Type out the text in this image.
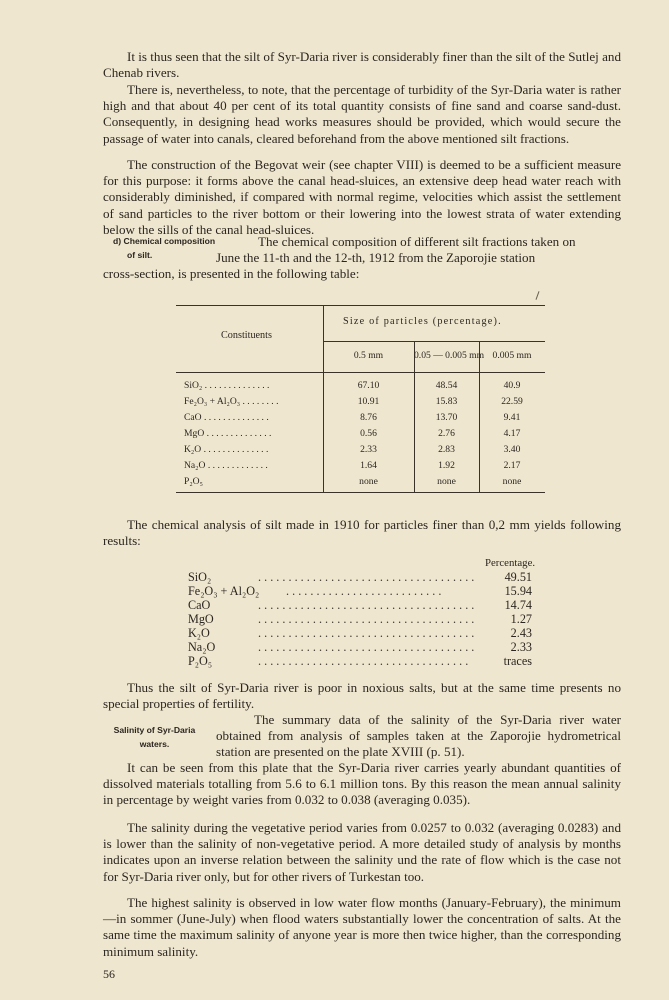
It is thus seen that the silt of Syr-Daria river is considerably finer than the silt of the Sutlej and Chenab rivers.

There is, nevertheless, to note, that the percentage of turbidity of the Syr-Daria water is rather high and that about 40 per cent of its total quantity consists of fine sand and coarse sand-dust. Consequently, in designing head works measures should be provided, which would secure the passage of water into canals, cleared beforehand from the above mentioned silt fractions.

The construction of the Begovat weir (see chapter VIII) is deemed to be a sufficient measure for this purpose: it forms above the canal head-sluices, an extensive deep head water reach with considerably diminished, if compared with normal regime, velocities which assist the settlement of sand particles to the river bottom or their lowering into the lowest strata of water extending below the sills of the canal head-sluices.

d) Chemical composition
of silt.
The chemical composition of different silt fractions taken on
June the 11-th and the 12-th, 1912 from the Zaporojie station
cross-section, is presented in the following table:
Constituents
Size of particles (percentage).
0.5 mm	0.05 — 0.005 mm 0.005 mm
SiO₂ . . . . . . . . . . . . . .	67.10	48.54	40.9
Fe₂O₃ + Al₂O₃ . . . . . . . .	10.91	15.83	22.59
CaO . . . . . . . . . . . . . .	8.76	13.70	9.41
MgO . . . . . . . . . . . . . .	0.56	2.76	4.17
K₂O . . . . . . . . . . . . . .	2.33	2.83	3.40
Na₂O . . . . . . . . . . . . .	1.64	1.92	2.17
P₂O₅	none	none	none

The chemical analysis of silt made in 1910 for particles finer than 0,2 mm yields following results:

Percentage.
SiO₂	. . . . . . . . . . . . . . . . . . . . . . . . . . . . . . . . . . . .	49.51
Fe₂O₃ + Al₂O₂ . . . . . . . . . . . . . . . . . . . . . . . . . .	15.94
CaO	. . . . . . . . . . . . . . . . . . . . . . . . . . . . . . . . . . . .	14.74
MgO	. . . . . . . . . . . . . . . . . . . . . . . . . . . . . . . . . . . .	1.27
K₂O	. . . . . . . . . . . . . . . . . . . . . . . . . . . . . . . . . . . .	2.43
Na₂O	. . . . . . . . . . . . . . . . . . . . . . . . . . . . . . . . . . . .	2.33
P₂O₅	. . . . . . . . . . . . . . . . . . . . . . . . . . . . . . . . . . .	traces

Thus the silt of Syr-Daria river is poor in noxious salts, but at the same time presents no special properties of fertility.

Salinity of Syr-Daria
waters.

The summary data of the salinity of the Syr-Daria river water obtained from analysis of samples taken at the Zaporojie hydrometrical station are presented on the plate XVIII (p. 51).

It can be seen from this plate that the Syr-Daria river carries yearly abundant quantities of dissolved materials totalling from 5.6 to 6.1 million tons. By this reason the mean annual salinity in percentage by weight varies from 0.032 to 0.038 (averaging 0.035).

The salinity during the vegetative period varies from 0.0257 to 0.032 (averaging 0.0283) and is lower than the salinity of non-vegetative period. A more detailed study of analysis by months indicates upon an inverse relation between the salinity und the rate of flow which is the case not for Syr-Daria river only, but for other rivers of Turkestan too.

The highest salinity is observed in low water flow months (January-February), the minimum—in sommer (June-July) when flood waters substantially lower the concentration of salts. At the same time the maximum salinity of anyone year is more then twice higher, than the corresponding minimum salinity.

56
